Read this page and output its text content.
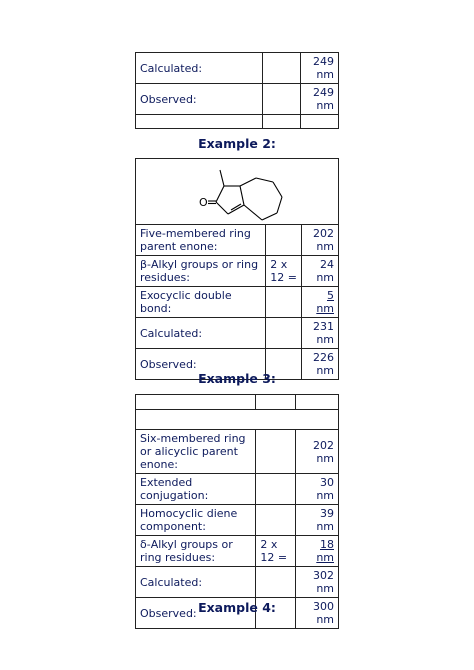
Calculated:		249 nm
Observed:		249 nm

Example 2:
O		

Five-membered ring parent enone:		202 nm
β-Alkyl groups or ring residues:	2 x 12 =	24 nm
Exocyclic double bond:		5 nm
Calculated:		231 nm
Observed:		226 nm
Example 3:

Six-membered ring or alicyclic parent enone:		202 nm
Extended conjugation:		30 nm
Homocyclic diene component:		39 nm
δ-Alkyl groups or ring residues:	2 x 12 =	18 nm
Calculated:		302 nm
Observed:		300 nm
Example 4:
